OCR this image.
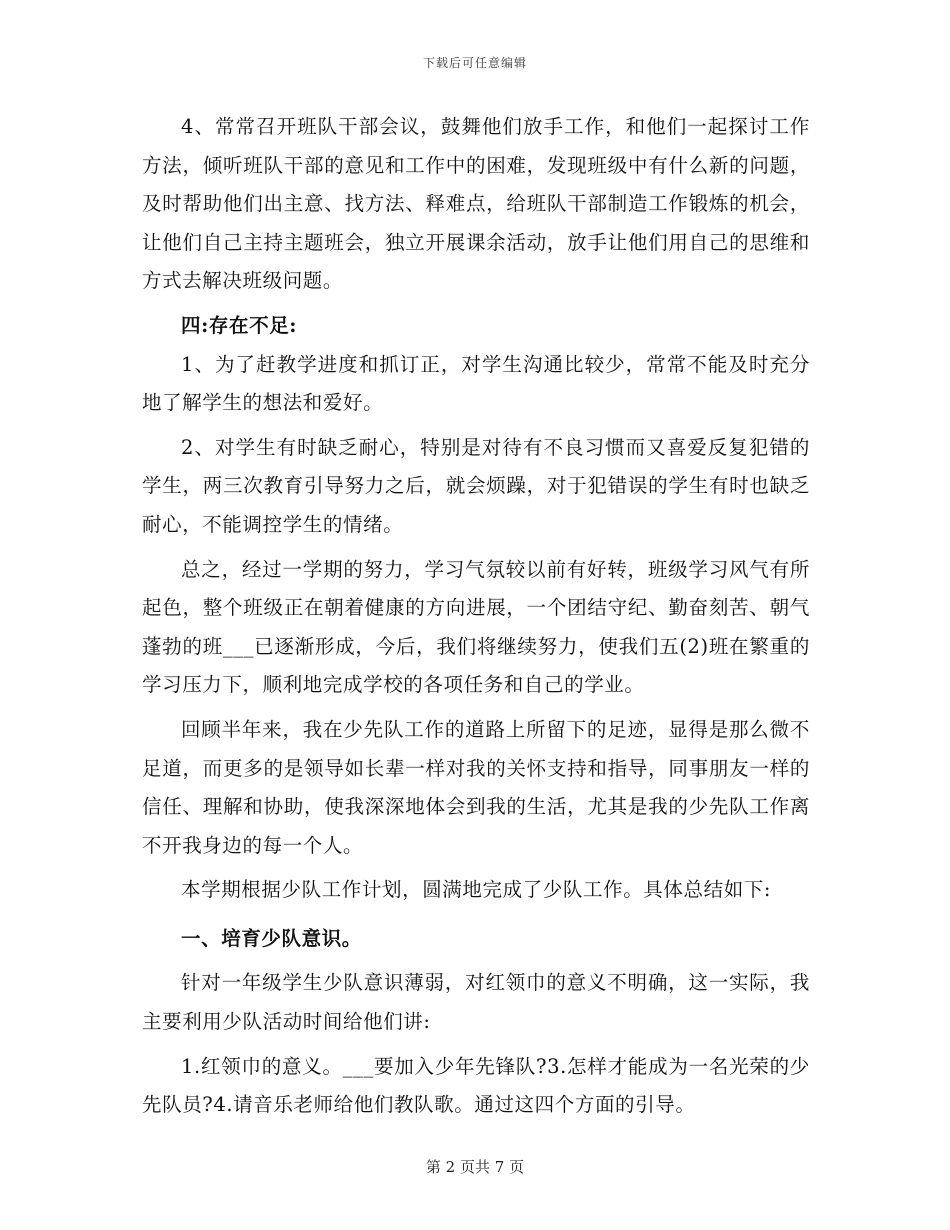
下载后可任意编辑

4、常常召开班队干部会议，鼓舞他们放手工作，和他们一起探讨工作方法，倾听班队干部的意见和工作中的困难，发现班级中有什么新的问题，及时帮助他们出主意、找方法、释难点，给班队干部制造工作锻炼的机会，让他们自己主持主题班会，独立开展课余活动，放手让他们用自己的思维和方式去解决班级问题。

四:存在不足:

1、为了赶教学进度和抓订正，对学生沟通比较少，常常不能及时充分地了解学生的想法和爱好。

2、对学生有时缺乏耐心，特别是对待有不良习惯而又喜爱反复犯错的学生，两三次教育引导努力之后，就会烦躁，对于犯错误的学生有时也缺乏耐心，不能调控学生的情绪。

总之，经过一学期的努力，学习气氛较以前有好转，班级学习风气有所起色，整个班级正在朝着健康的方向进展，一个团结守纪、勤奋刻苦、朝气蓬勃的班___已逐渐形成，今后，我们将继续努力，使我们五(2)班在繁重的学习压力下，顺利地完成学校的各项任务和自己的学业。

回顾半年来，我在少先队工作的道路上所留下的足迹，显得是那么微不足道，而更多的是领导如长辈一样对我的关怀支持和指导，同事朋友一样的信任、理解和协助，使我深深地体会到我的生活，尤其是我的少先队工作离不开我身边的每一个人。

本学期根据少队工作计划，圆满地完成了少队工作。具体总结如下:

一、培育少队意识。

针对一年级学生少队意识薄弱，对红领巾的意义不明确，这一实际，我主要利用少队活动时间给他们讲:

1.红领巾的意义。___要加入少年先锋队?3.怎样才能成为一名光荣的少先队员?4.请音乐老师给他们教队歌。通过这四个方面的引导。

第 2 页共 7 页
